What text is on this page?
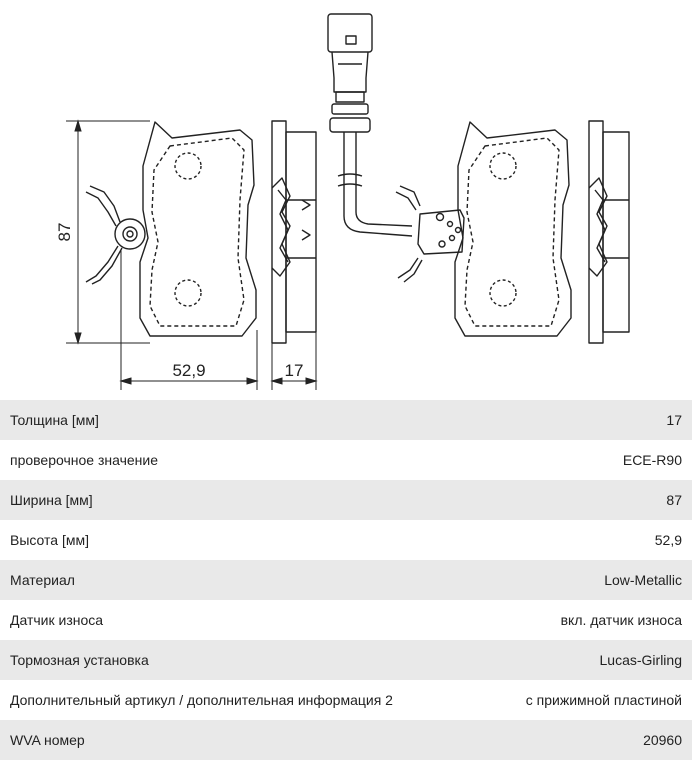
87
52,9	17
Толщина [мм]	17
проверочное значение	ECE-R90
Ширина [мм]	87
Высота [мм]	52,9
Материал	Low-Metallic
Датчик износа	вкл. датчик износа
Тормозная установка	Lucas-Girling
Дополнительный артикул / дополнительная информация 2	с прижимной пластиной
WVA номер	20960
